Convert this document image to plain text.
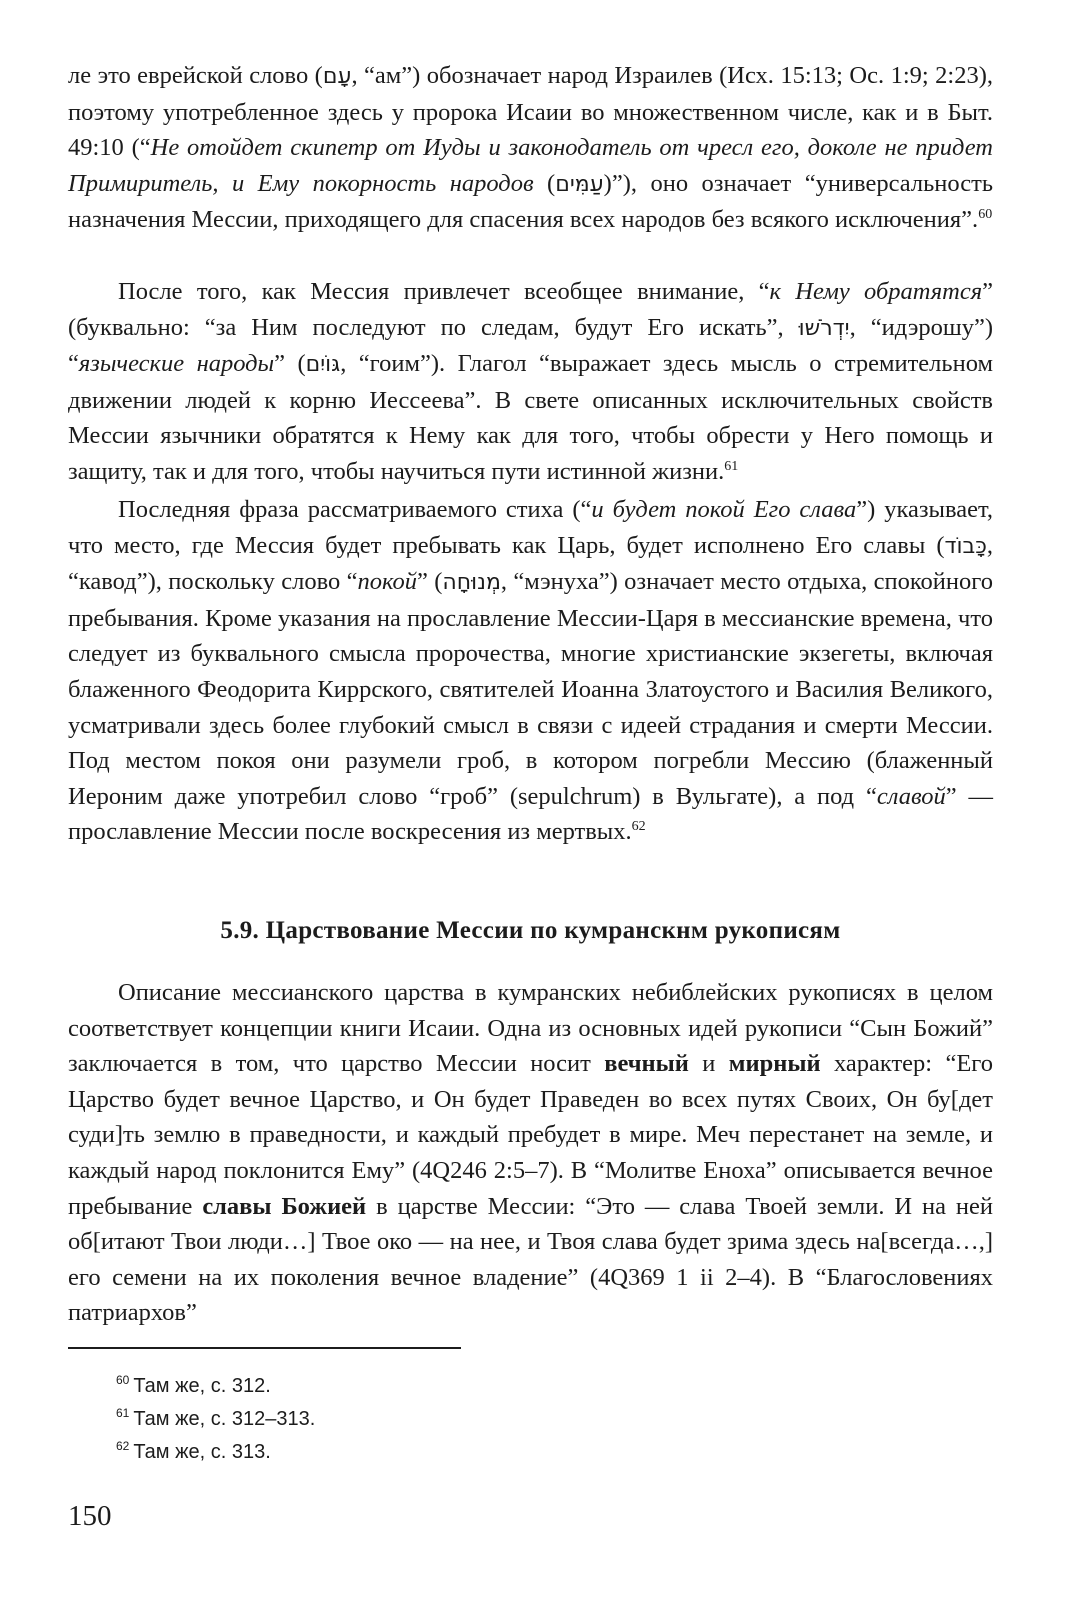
ле это еврейской слово (עָם, “ам”) обозначает народ Израилев (Исх. 15:13; Ос. 1:9; 2:23), поэтому употребленное здесь у пророка Исаии во множественном числе, как и в Быт. 49:10 (“Не отойдет скипетр от Иуды и законодатель от чресл его, доколе не придет Примиритель, и Ему покорность народов (עַמִּים)”), оно означает “универсальность назначения Мессии, приходящего для спасения всех народов без всякого исключения”.$^{60}$

После того, как Мессия привлечет всеобщее внимание, “к Нему обратятся” (буквально: “за Ним последуют по следам, будут Его искать”, יִדְרֹשׁוּ, “идэрошу”) “языческие народы” (גּוֹיִם, “гоим”). Глагол “выражает здесь мысль о стремительном движении людей к корню Иессеева”. В свете описанных исключительных свойств Мессии язычники обратятся к Нему как для того, чтобы обрести у Него помощь и защиту, так и для того, чтобы научиться пути истинной жизни.$^{61}$

Последняя фраза рассматриваемого стиха (“и будет покой Его слава”) указывает, что место, где Мессия будет пребывать как Царь, будет исполнено Его славы (כָּבוֹד, “кавод”), поскольку слово “покой” (מְנוּחָה, “мэнуха”) означает место отдыха, спокойного пребывания. Кроме указания на прославление Мессии-Царя в мессианские времена, что следует из буквального смысла пророчества, многие христианские экзегеты, включая блаженного Феодорита Киррского, святителей Иоанна Златоустого и Василия Великого, усматривали здесь более глубокий смысл в связи с идеей страдания и смерти Мессии. Под местом покоя они разумели гроб, в котором погребли Мессию (блаженный Иероним даже употребил слово “гроб” (sepulchrum) в Вульгате), а под “славой” — прославление Мессии после воскресения из мертвых.$^{62}$

5.9. Царствование Мессии по кумранскнм рукописям

Описание мессианского царства в кумранских небиблейских рукописях в целом соответствует концепции книги Исаии. Одна из основных идей рукописи “Сын Божий” заключается в том, что царство Мессии носит вечный и мирный характер: “Его Царство будет вечное Царство, и Он будет Праведен во всех путях Своих, Он бу[дет суди]ть землю в праведности, и каждый пребудет в мире. Меч перестанет на земле, и каждый народ поклонится Ему” (4Q246 2:5–7). В “Молитве Еноха” описывается вечное пребывание славы Божией в царстве Мессии: “Это — слава Твоей земли. И на ней об[итают Твои люди…] Твое око — на нее, и Твоя слава будет зрима здесь на[всегда…,] его семени на их поколения вечное владение” (4Q369 1 ii 2–4). В “Благословениях патриархов”

$^{60}$ Там же, с. 312.
$^{61}$ Там же, с. 312–313.
$^{62}$ Там же, с. 313.
150
